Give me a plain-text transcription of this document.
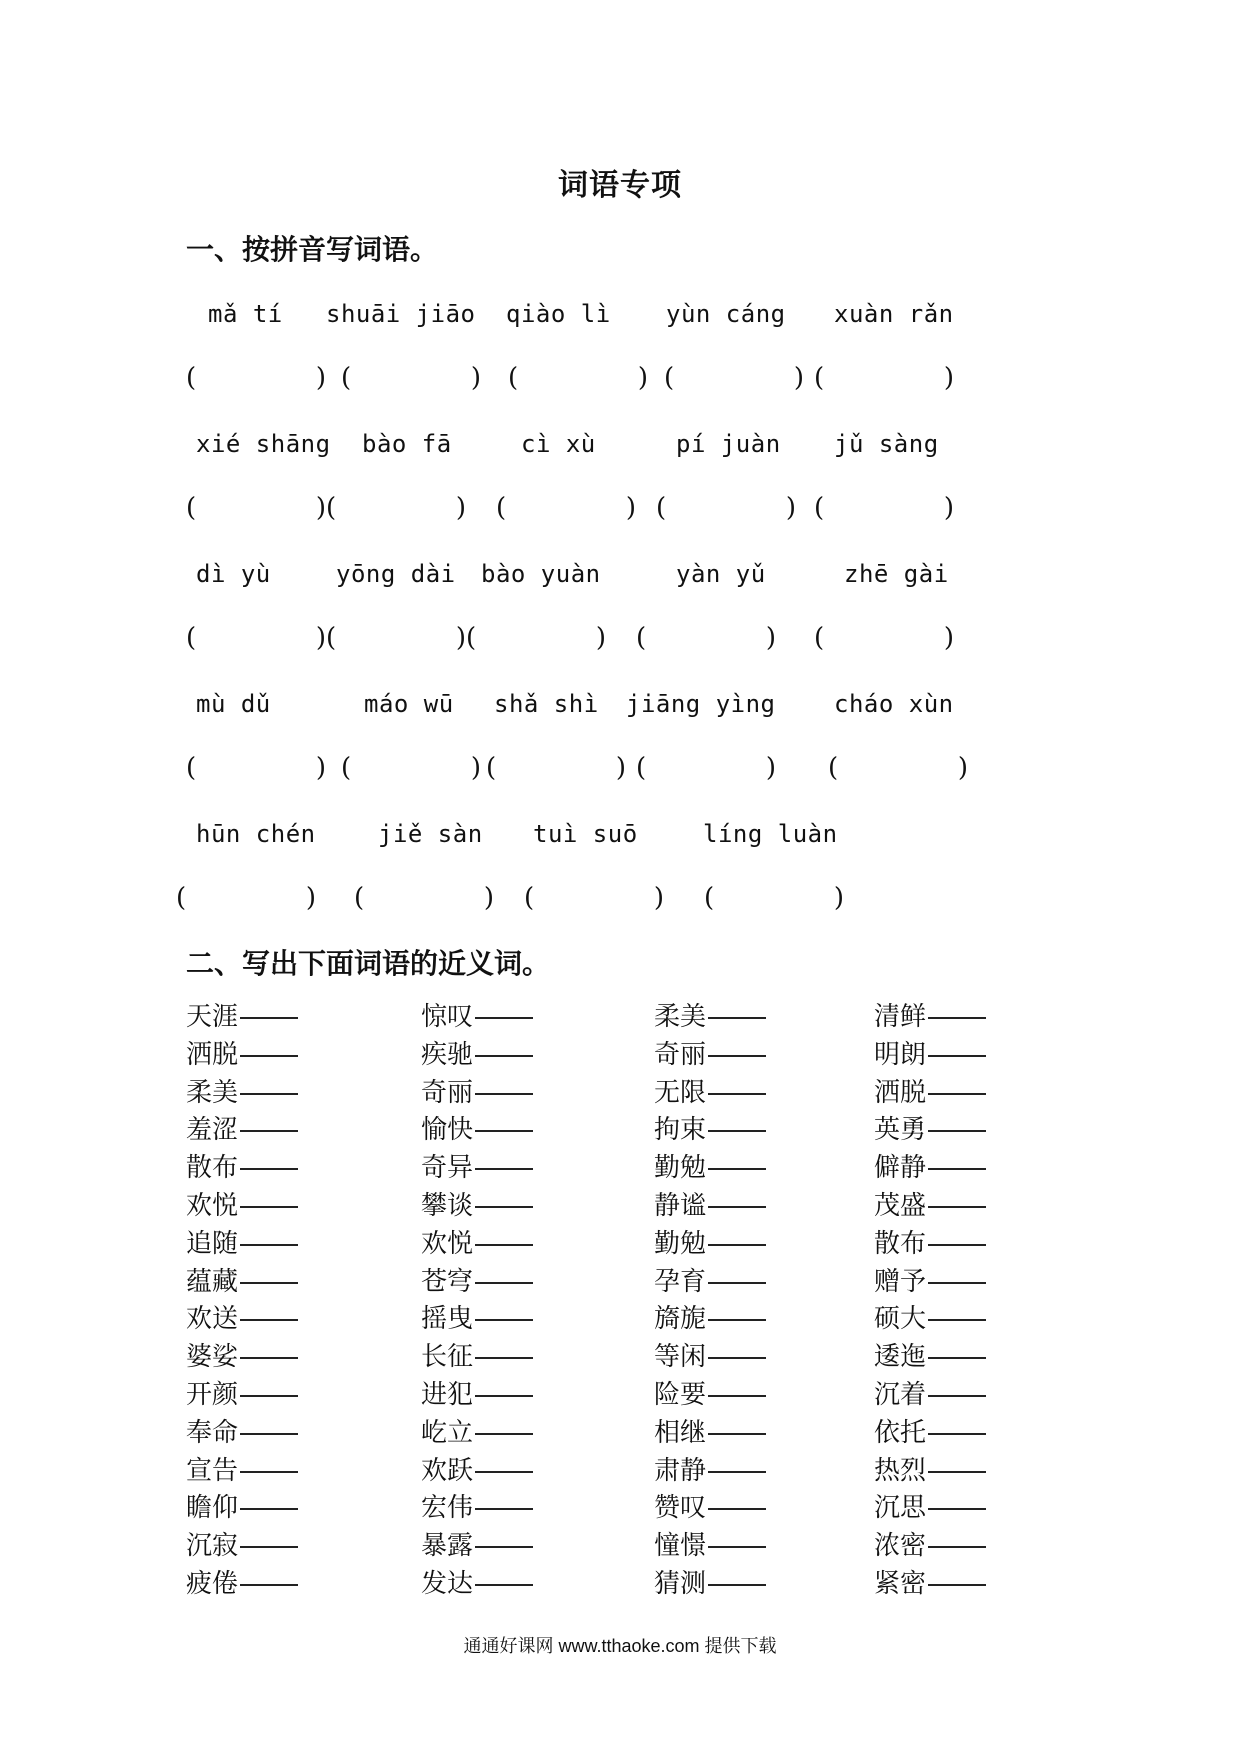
词语专项
一、按拼音写词语。
mǎ tí shuāi jiāo qiào lì yùn cáng xuàn rǎn
(	) (	) (	) (	) (	)
xié shāng bào fā	cì xù	pí juàn jǔ sàng
(	) (	) (	) (	) (	)
dì yù	yōng dài bào yuàn	yàn yǔ	zhē gài
(	) (	) (	) (	) (	)
mù dǔ	máo wū shǎ shì jiāng yìng cháo xùn
(	) (	) (	) (	) (	)
hūn chén	jiě sàn tuì suō	líng luàn
(	) (	) (	) (	)
二、写出下面词语的近义词。
天涯	惊叹	柔美	清鲜
洒脱	疾驰	奇丽	明朗
柔美	奇丽	无限	洒脱
羞涩	愉快	拘束	英勇
散布	奇异	勤勉	僻静
欢悦	攀谈	静谧	茂盛
追随	欢悦	勤勉	散布
蕴藏	苍穹	孕育	赠予
欢送	摇曳	旖旎	硕大
婆娑	长征	等闲	逶迤
开颜	进犯	险要	沉着
奉命	屹立	相继	依托
宣告	欢跃	肃静	热烈
瞻仰	宏伟	赞叹	沉思
沉寂	暴露	憧憬	浓密
疲倦	发达	猜测	紧密
通通好课网 www.tthaoke.com 提供下载
